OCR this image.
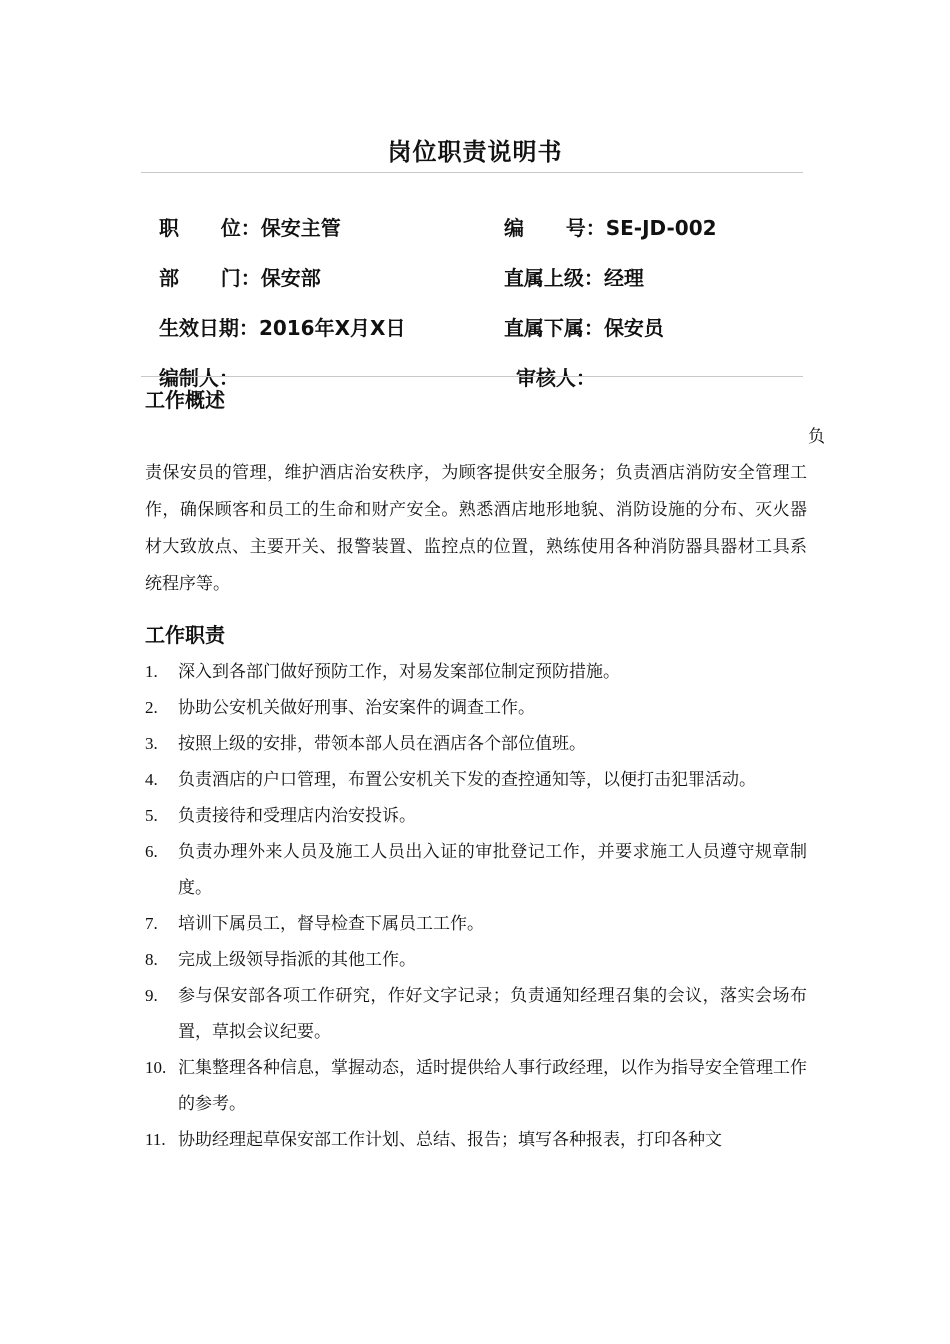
岗位职责说明书

职      位：保安主管	编      号：SE-JD-002

部      门：保安部	直属上级：经理

生效日期：2016年X月X日	直属下属：保安员

编制人：	审核人：

工作概述
负

责保安员的管理，维护酒店治安秩序，为顾客提供安全服务；负责酒店消防安全管理工作，确保顾客和员工的生命和财产安全。熟悉酒店地形地貌、消防设施的分布、灭火器材大致放点、主要开关、报警装置、监控点的位置，熟练使用各种消防器具器材工具系统程序等。

工作职责
1.	深入到各部门做好预防工作，对易发案部位制定预防措施。
2.	协助公安机关做好刑事、治安案件的调查工作。
3.	按照上级的安排，带领本部人员在酒店各个部位值班。
4.	负责酒店的户口管理，布置公安机关下发的查控通知等，以便打击犯罪活动。
5.	负责接待和受理店内治安投诉。
6.	负责办理外来人员及施工人员出入证的审批登记工作，并要求施工人员遵守规章制度。
7.	培训下属员工，督导检查下属员工工作。
8.	完成上级领导指派的其他工作。
9.	参与保安部各项工作研究，作好文字记录；负责通知经理召集的会议，落实会场布置，草拟会议纪要。
10. 汇集整理各种信息，掌握动态，适时提供给人事行政经理，以作为指导安全管理工作的参考。
11. 协助经理起草保安部工作计划、总结、报告；填写各种报表，打印各种文
